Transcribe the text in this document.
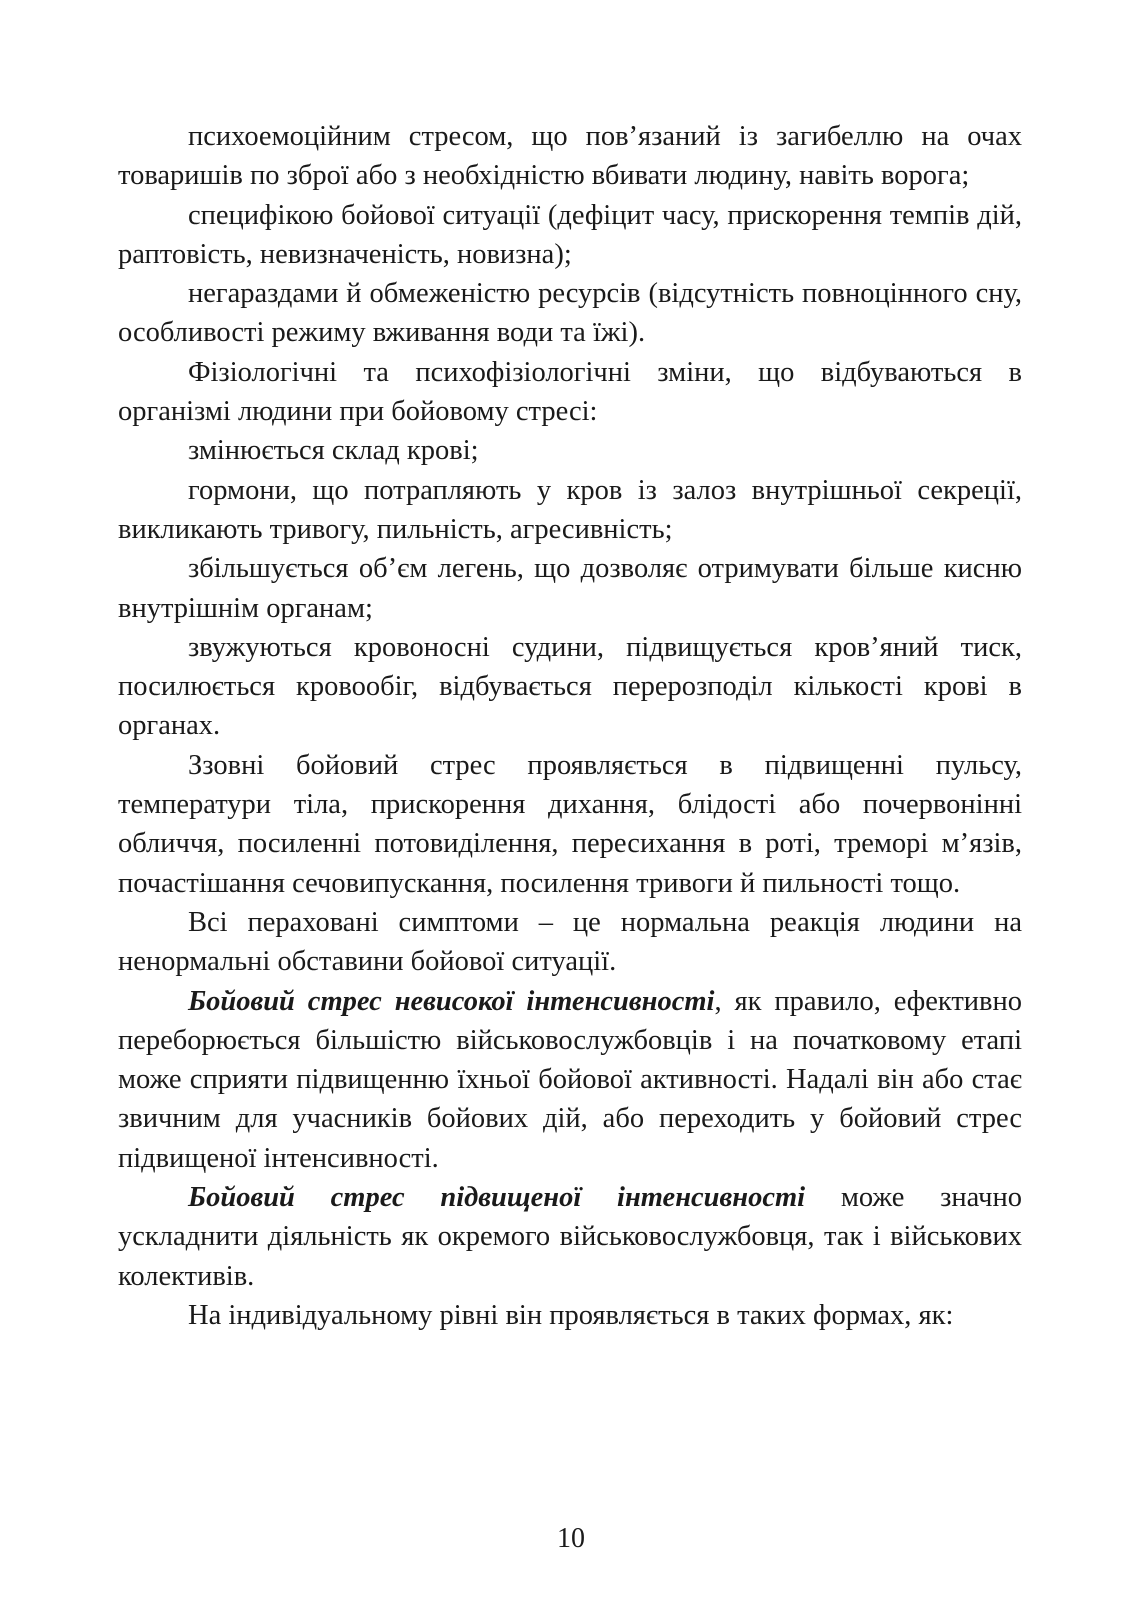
психоемоційним стресом, що пов’язаний із загибеллю на очах товаришів по зброї або з необхідністю вбивати людину, навіть ворога;

специфікою бойової ситуації (дефіцит часу, прискорення темпів дій, раптовість, невизначеність, новизна);

негараздами й обмеженістю ресурсів (відсутність повноцінного сну, особливості режиму вживання води та їжі).

Фізіологічні та психофізіологічні зміни, що відбуваються в організмі людини при бойовому стресі:

змінюється склад крові;

гормони, що потрапляють у кров із залоз внутрішньої секреції, викликають тривогу, пильність, агресивність;

збільшується об’єм легень, що дозволяє отримувати більше кисню внутрішнім органам;

звужуються кровоносні судини, підвищується кров’яний тиск, посилюється кровообіг, відбувається перерозподіл кількості крові в органах.

Ззовні бойовий стрес проявляється в підвищенні пульсу, температури тіла, прискорення дихання, блідості або почервонінні обличчя, посиленні потовиділення, пересихання в роті, треморі м’язів, почастішання сечовипускання, посилення тривоги й пильності тощо.

Всі пераховані симптоми – це нормальна реакція людини на ненормальні обставини бойової ситуації.

Бойовий стрес невисокої інтенсивності, як правило, ефективно переборюється більшістю військовослужбовців і на початковому етапі може сприяти підвищенню їхньої бойової активності. Надалі він або стає звичним для учасників бойових дій, або переходить у бойовий стрес підвищеної інтенсивності.

Бойовий стрес підвищеної інтенсивності може значно ускладнити діяльність як окремого військовослужбовця, так і військових колективів.

На індивідуальному рівні він проявляється в таких формах, як:

10
